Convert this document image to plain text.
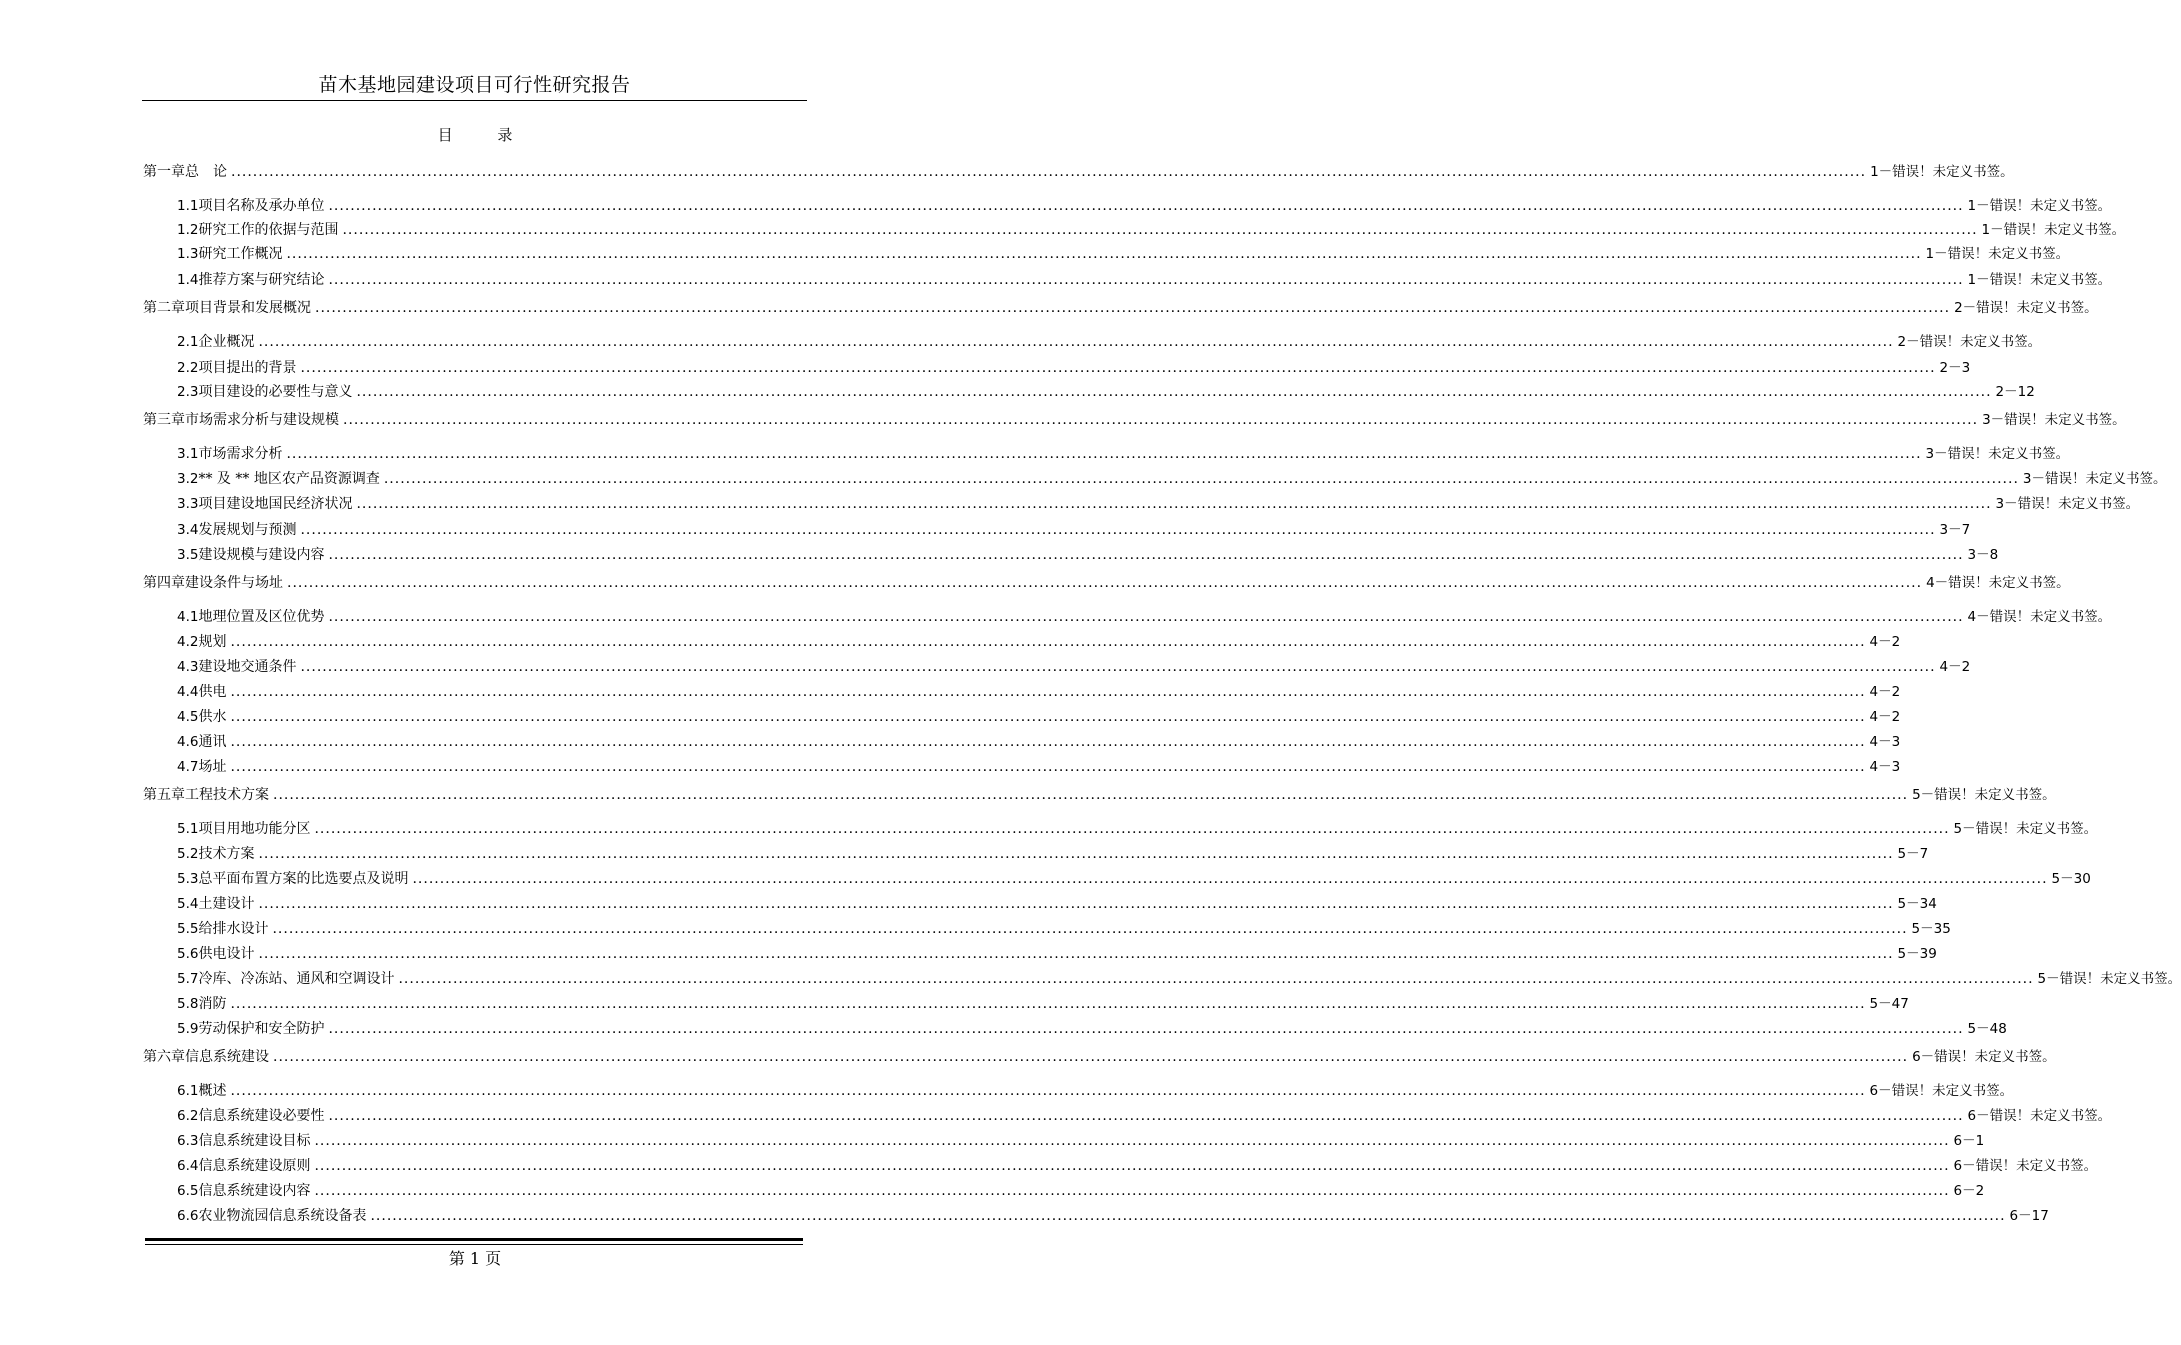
苗木基地园建设项目可行性研究报告
目 录
第一章 总　论 ............................................................................................................................................................................................................................................................................................................ 1－错误！未定义书签。
1.1 项目名称及承办单位 ............................................................................................................................................................................................................................................................................................................ 1－错误！未定义书签。
1.2 研究工作的依据与范围 ............................................................................................................................................................................................................................................................................................................ 1－错误！未定义书签。
1.3 研究工作概况 ............................................................................................................................................................................................................................................................................................................ 1－错误！未定义书签。
1.4 推荐方案与研究结论 ............................................................................................................................................................................................................................................................................................................ 1－错误！未定义书签。
第二章 项目背景和发展概况 ............................................................................................................................................................................................................................................................................................................ 2－错误！未定义书签。
2.1 企业概况 ............................................................................................................................................................................................................................................................................................................ 2－错误！未定义书签。
2.2 项目提出的背景 ............................................................................................................................................................................................................................................................................................................ 2－3
2.3 项目建设的必要性与意义 ............................................................................................................................................................................................................................................................................................................ 2－12
第三章 市场需求分析与建设规模 ............................................................................................................................................................................................................................................................................................................ 3－错误！未定义书签。
3.1 市场需求分析 ............................................................................................................................................................................................................................................................................................................ 3－错误！未定义书签。
3.2 ** 及 ** 地区农产品资源调查 ............................................................................................................................................................................................................................................................................................................ 3－错误！未定义书签。
3.3 项目建设地国民经济状况 ............................................................................................................................................................................................................................................................................................................ 3－错误！未定义书签。
3.4 发展规划与预测 ............................................................................................................................................................................................................................................................................................................ 3－7
3.5 建设规模与建设内容 ............................................................................................................................................................................................................................................................................................................ 3－8
第四章 建设条件与场址 ............................................................................................................................................................................................................................................................................................................ 4－错误！未定义书签。
4.1 地理位置及区位优势 ............................................................................................................................................................................................................................................................................................................ 4－错误！未定义书签。
4.2 规划 ............................................................................................................................................................................................................................................................................................................ 4－2
4.3 建设地交通条件 ............................................................................................................................................................................................................................................................................................................ 4－2
4.4 供电 ............................................................................................................................................................................................................................................................................................................ 4－2
4.5 供水 ............................................................................................................................................................................................................................................................................................................ 4－2
4.6 通讯 ............................................................................................................................................................................................................................................................................................................ 4－3
4.7 场址 ............................................................................................................................................................................................................................................................................................................ 4－3
第五章 工程技术方案 ............................................................................................................................................................................................................................................................................................................ 5－错误！未定义书签。
5.1 项目用地功能分区 ............................................................................................................................................................................................................................................................................................................ 5－错误！未定义书签。
5.2 技术方案 ............................................................................................................................................................................................................................................................................................................ 5－7
5.3 总平面布置方案的比选要点及说明 ............................................................................................................................................................................................................................................................................................................ 5－30
5.4 土建设计 ............................................................................................................................................................................................................................................................................................................ 5－34
5.5 给排水设计 ............................................................................................................................................................................................................................................................................................................ 5－35
5.6 供电设计 ............................................................................................................................................................................................................................................................................................................ 5－39
5.7 冷库、冷冻站、通风和空调设计 ............................................................................................................................................................................................................................................................................................................ 5－错误！未定义书签。
5.8 消防 ............................................................................................................................................................................................................................................................................................................ 5－47
5.9 劳动保护和安全防护 ............................................................................................................................................................................................................................................................................................................ 5－48
第六章 信息系统建设 ............................................................................................................................................................................................................................................................................................................ 6－错误！未定义书签。
6.1 概述 ............................................................................................................................................................................................................................................................................................................ 6－错误！未定义书签。
6.2 信息系统建设必要性 ............................................................................................................................................................................................................................................................................................................ 6－错误！未定义书签。
6.3 信息系统建设目标 ............................................................................................................................................................................................................................................................................................................ 6－1
6.4 信息系统建设原则 ............................................................................................................................................................................................................................................................................................................ 6－错误！未定义书签。
6.5 信息系统建设内容 ............................................................................................................................................................................................................................................................................................................ 6－2
6.6 农业物流园信息系统设备表 ............................................................................................................................................................................................................................................................................................................ 6－17
第 1 页
